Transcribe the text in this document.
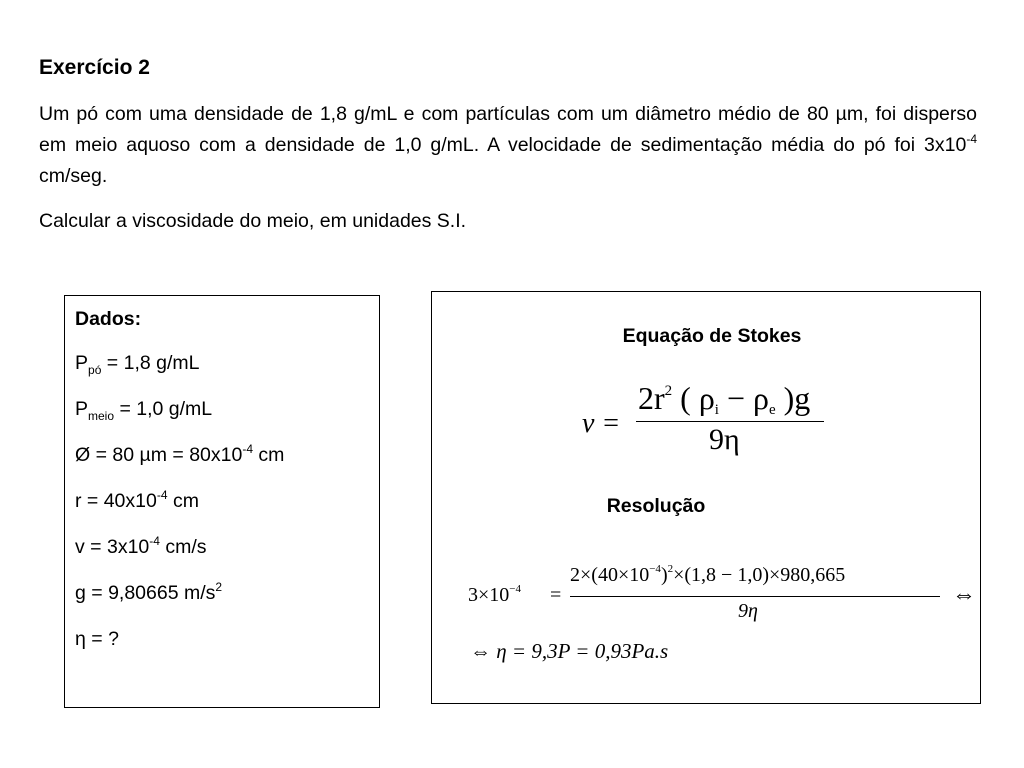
Exercício 2
Um pó com uma densidade de 1,8 g/mL e com partículas com um diâmetro médio de 80 µm, foi disperso em meio aquoso com a densidade de 1,0 g/mL. A velocidade de sedimentação média do pó foi $3x10^{-4}$ cm/seg.
Calcular a viscosidade do meio, em unidades S.I.
Dados:
$P_{pó} = 1,8$ g/mL
$P_{meio} = 1,0$ g/mL
Ø = 80 $\mu m = 80x10^{-4}$ cm
$r = 40x10^{-4}$ cm
$v = 3x10^{-4}$ cm/s
g = 9,80665 $m/s^2$
η = ?
Equação de Stokes
v =
$2r^2$ ( $\rho_i - \rho_e$ )g
9η
Resolução
$3\times 10^{-4}$ =
$2\times(40\times 10^{-4})^2\times(1,8 - 1,0)\times 980,665$
9η
⇔
⇔ η = 9,3P = 0,93Pa.s
